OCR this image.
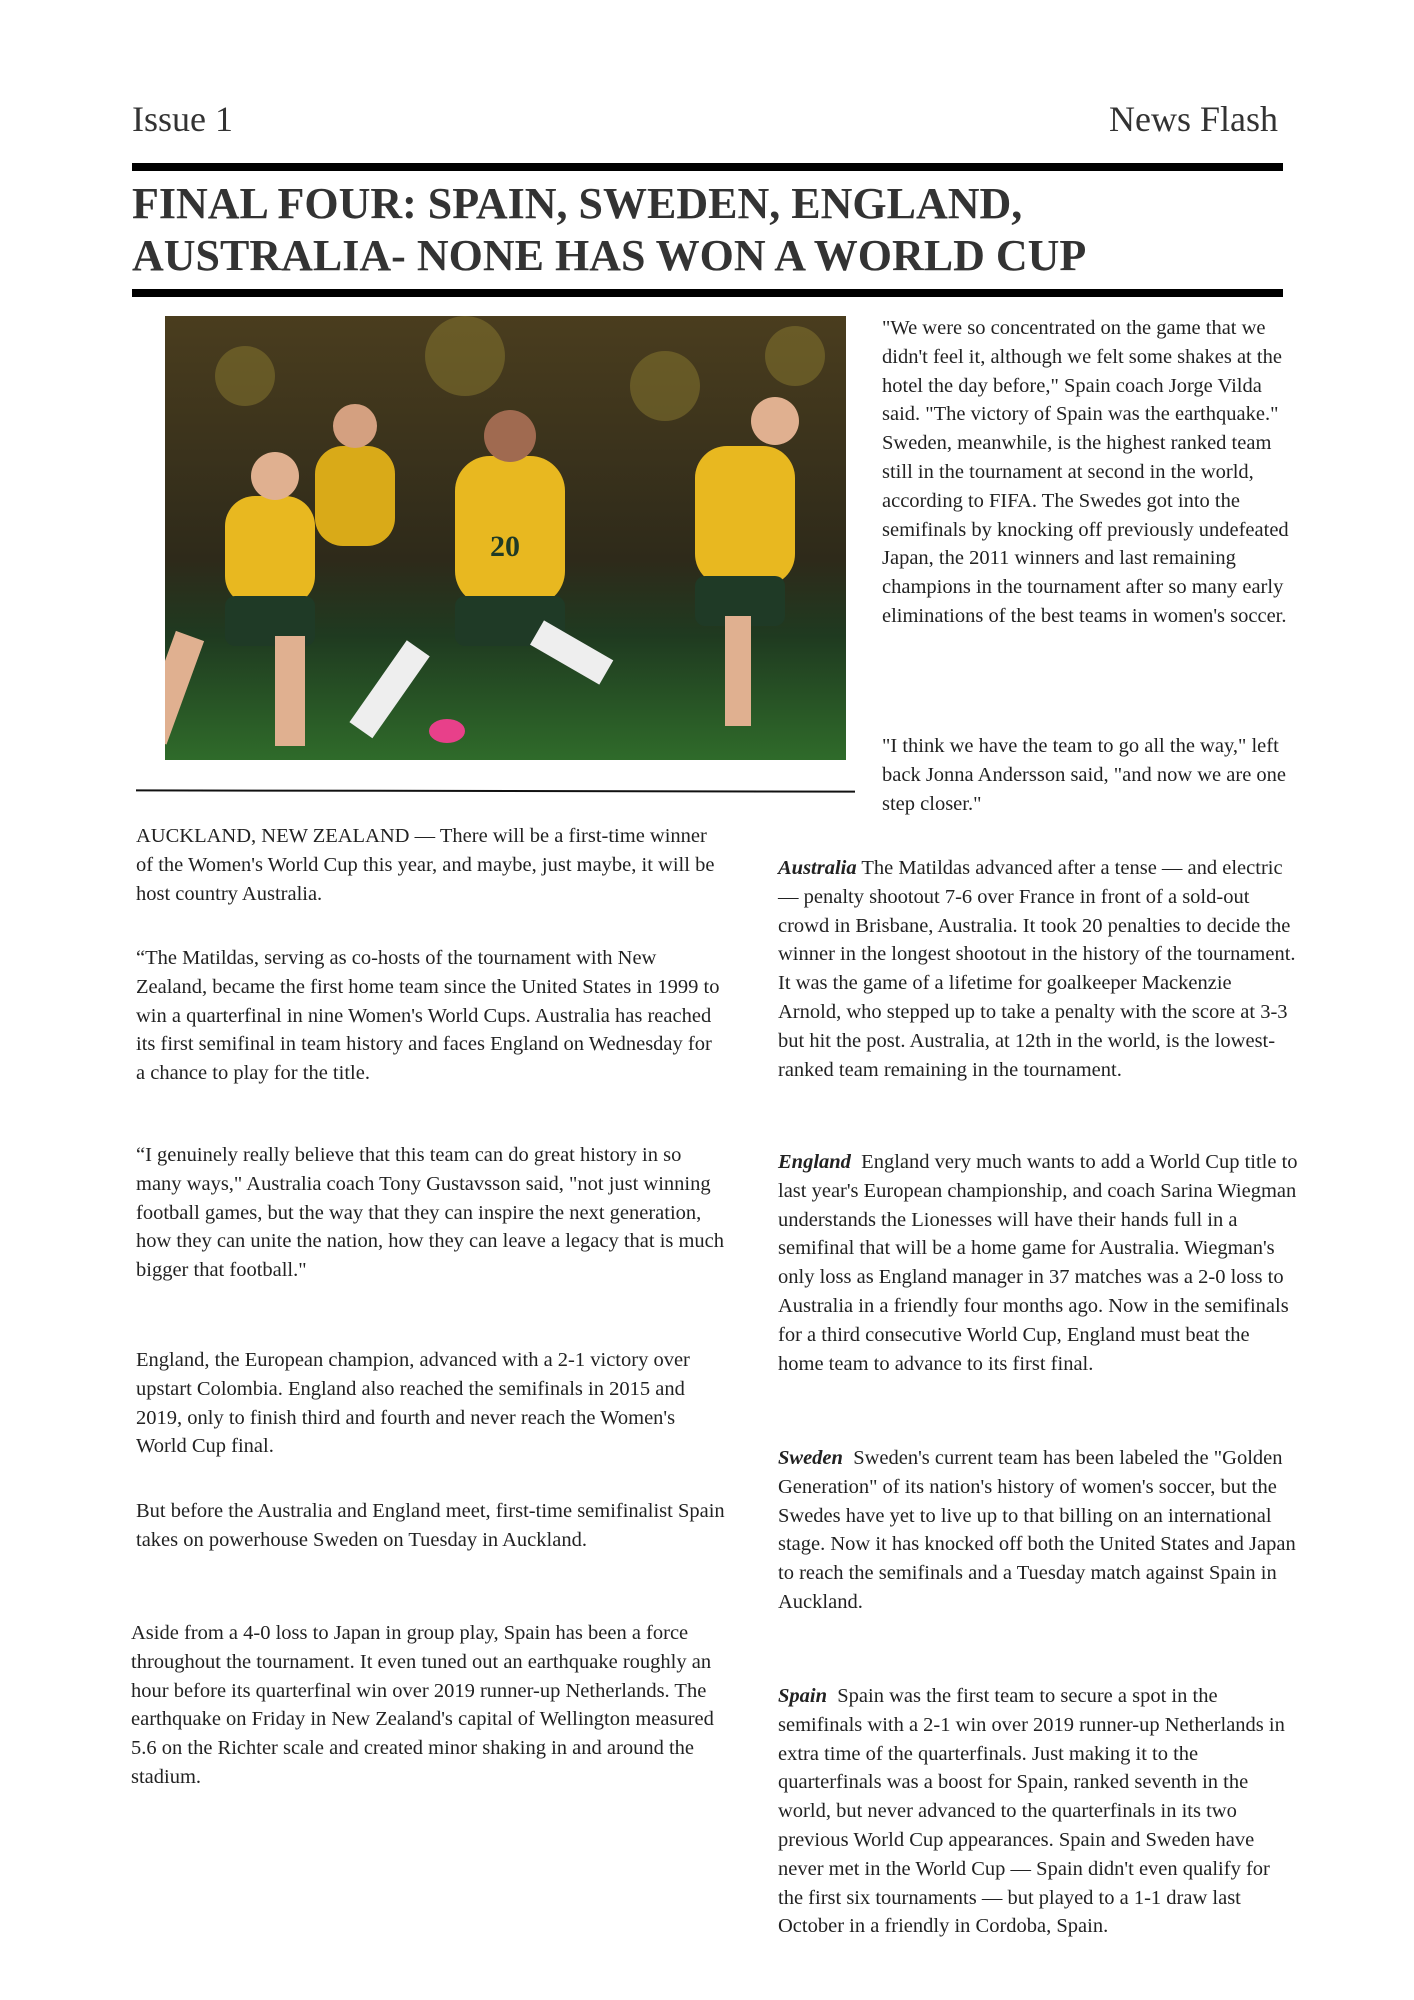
Issue 1	News Flash
FINAL FOUR: SPAIN, SWEDEN, ENGLAND, AUSTRALIA- NONE HAS WON A WORLD CUP
20

AUCKLAND, NEW ZEALAND — There will be a first-time winner of the Women's World Cup this year, and maybe, just maybe, it will be host country Australia.

“The Matildas, serving as co-hosts of the tournament with New Zealand, became the first home team since the United States in 1999 to win a quarterfinal in nine Women's World Cups. Australia has reached its first semifinal in team history and faces England on Wednesday for a chance to play for the title.

“I genuinely really believe that this team can do great history in so many ways," Australia coach Tony Gustavsson said, "not just winning football games, but the way that they can inspire the next generation, how they can unite the nation, how they can leave a legacy that is much bigger that football."

England, the European champion, advanced with a 2-1 victory over upstart Colombia. England also reached the semifinals in 2015 and 2019, only to finish third and fourth and never reach the Women's World Cup final.

But before the Australia and England meet, first-time semifinalist Spain takes on powerhouse Sweden on Tuesday in Auckland.

Aside from a 4-0 loss to Japan in group play, Spain has been a force throughout the tournament. It even tuned out an earthquake roughly an hour before its quarterfinal win over 2019 runner-up Netherlands. The earthquake on Friday in New Zealand's capital of Wellington measured 5.6 on the Richter scale and created minor shaking in and around the stadium.

"We were so concentrated on the game that we didn't feel it, although we felt some shakes at the hotel the day before," Spain coach Jorge Vilda said. "The victory of Spain was the earthquake." Sweden, meanwhile, is the highest ranked team still in the tournament at second in the world, according to FIFA. The Swedes got into the semifinals by knocking off previously undefeated Japan, the 2011 winners and last remaining champions in the tournament after so many early eliminations of the best teams in women's soccer.

"I think we have the team to go all the way," left back Jonna Andersson said, "and now we are one step closer."

Australia The Matildas advanced after a tense — and electric — penalty shootout 7-6 over France in front of a sold-out crowd in Brisbane, Australia. It took 20 penalties to decide the winner in the longest shootout in the history of the tournament. It was the game of a lifetime for goalkeeper Mackenzie Arnold, who stepped up to take a penalty with the score at 3-3 but hit the post. Australia, at 12th in the world, is the lowest-ranked team remaining in the tournament.

England England very much wants to add a World Cup title to last year's European championship, and coach Sarina Wiegman understands the Lionesses will have their hands full in a semifinal that will be a home game for Australia. Wiegman's only loss as England manager in 37 matches was a 2-0 loss to Australia in a friendly four months ago. Now in the semifinals for a third consecutive World Cup, England must beat the home team to advance to its first final.

Sweden Sweden's current team has been labeled the "Golden Generation" of its nation's history of women's soccer, but the Swedes have yet to live up to that billing on an international stage. Now it has knocked off both the United States and Japan to reach the semifinals and a Tuesday match against Spain in Auckland.

Spain Spain was the first team to secure a spot in the semifinals with a 2-1 win over 2019 runner-up Netherlands in extra time of the quarterfinals. Just making it to the quarterfinals was a boost for Spain, ranked seventh in the world, but never advanced to the quarterfinals in its two previous World Cup appearances. Spain and Sweden have never met in the World Cup — Spain didn't even qualify for the first six tournaments — but played to a 1-1 draw last October in a friendly in Cordoba, Spain.
